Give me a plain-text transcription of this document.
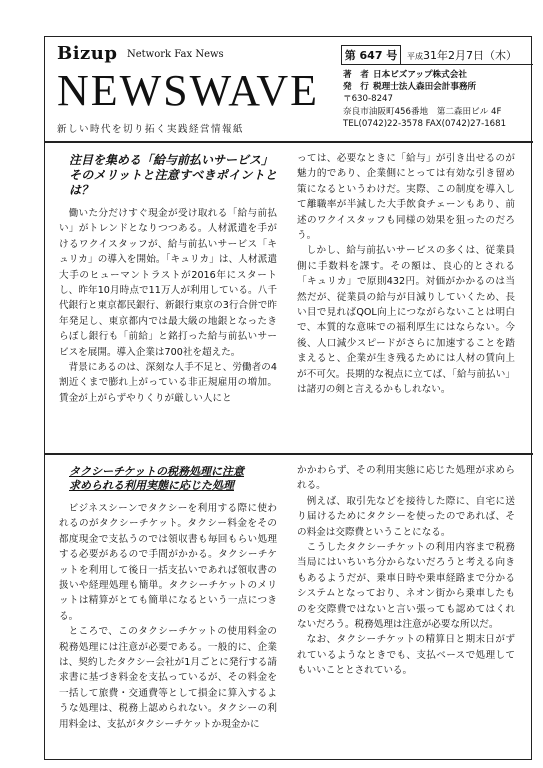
Bizup Network Fax News
NEWSWAVE
新しい時代を切り拓く実践経営情報紙
第 647 号	平成31年2月7日（木）
著　者 日本ビズアップ株式会社
発　行 税理士法人森田会計事務所
〒630-8247
奈良市油阪町456番地　第二森田ビル 4F
TEL(0742)22-3578 FAX(0742)27-1681
注目を集める「給与前払いサービス」
そのメリットと注意すべきポイントとは？

働いた分だけすぐ現金が受け取れる「給与前払い」がトレンドとなりつつある。人材派遣を手がけるワクイスタッフが、給与前払いサービス「キュリカ」の導入を開始。「キュリカ」は、人材派遣大手のヒューマントラストが2016年にスタートし、昨年10月時点で11万人が利用している。八千代銀行と東京都民銀行、新銀行東京の3行合併で昨年発足し、東京都内では最大級の地銀となったきらぼし銀行も「前給」と銘打った給与前払いサービスを展開。導入企業は700社を超えた。

背景にあるのは、深刻な人手不足と、労働者の4割近くまで膨れ上がっている非正規雇用の増加。賃金が上がらずやりくりが厳しい人にと

っては、必要なときに「給与」が引き出せるのが魅力的であり、企業側にとっては有効な引き留め策になるというわけだ。実際、この制度を導入して離職率が半減した大手飲食チェーンもあり、前述のワクイスタッフも同様の効果を狙ったのだろう。

しかし、給与前払いサービスの多くは、従業員側に手数料を課す。その額は、良心的とされる「キュリカ」で原則432円。対価がかかるのは当然だが、従業員の給与が目減りしていくため、長い目で見ればQOL向上につながらないことは明白で、本質的な意味での福利厚生にはならない。今後、人口減少スピードがさらに加速することを踏まえると、企業が生き残るためには人材の賃向上が不可欠。長期的な視点に立てば、「給与前払い」は諸刃の剣と言えるかもしれない。

タクシーチケットの税務処理に注意
求められる利用実態に応じた処理

ビジネスシーンでタクシーを利用する際に使われるのがタクシーチケット。タクシー料金をその都度現金で支払うのでは領収書も毎回もらい処理する必要があるので手間がかかる。タクシーチケットを利用して後日一括支払いであれば領収書の扱いや経理処理も簡単。タクシーチケットのメリットは精算がとても簡単になるという一点につきる。

ところで、このタクシーチケットの使用料金の税務処理には注意が必要である。一般的に、企業は、契約したタクシー会社が1月ごとに発行する請求書に基づき料金を支払っているが、その料金を一括して旅費・交通費等として損金に算入するような処理は、税務上認められない。タクシーの利用料金は、支払がタクシーチケットか現金かに

かかわらず、その利用実態に応じた処理が求められる。

例えば、取引先などを接待した際に、自宅に送り届けるためにタクシーを使ったのであれば、その料金は交際費ということになる。

こうしたタクシーチケットの利用内容まで税務当局にはいちいち分からないだろうと考える向きもあるようだが、乗車日時や乗車経路まで分かるシステムとなっており、ネオン街から乗車したものを交際費ではないと言い張っても認めてはくれないだろう。税務処理は注意が必要な所以だ。

なお、タクシーチケットの精算日と期末日がずれているようなときでも、支払ベースで処理してもいいこととされている。
